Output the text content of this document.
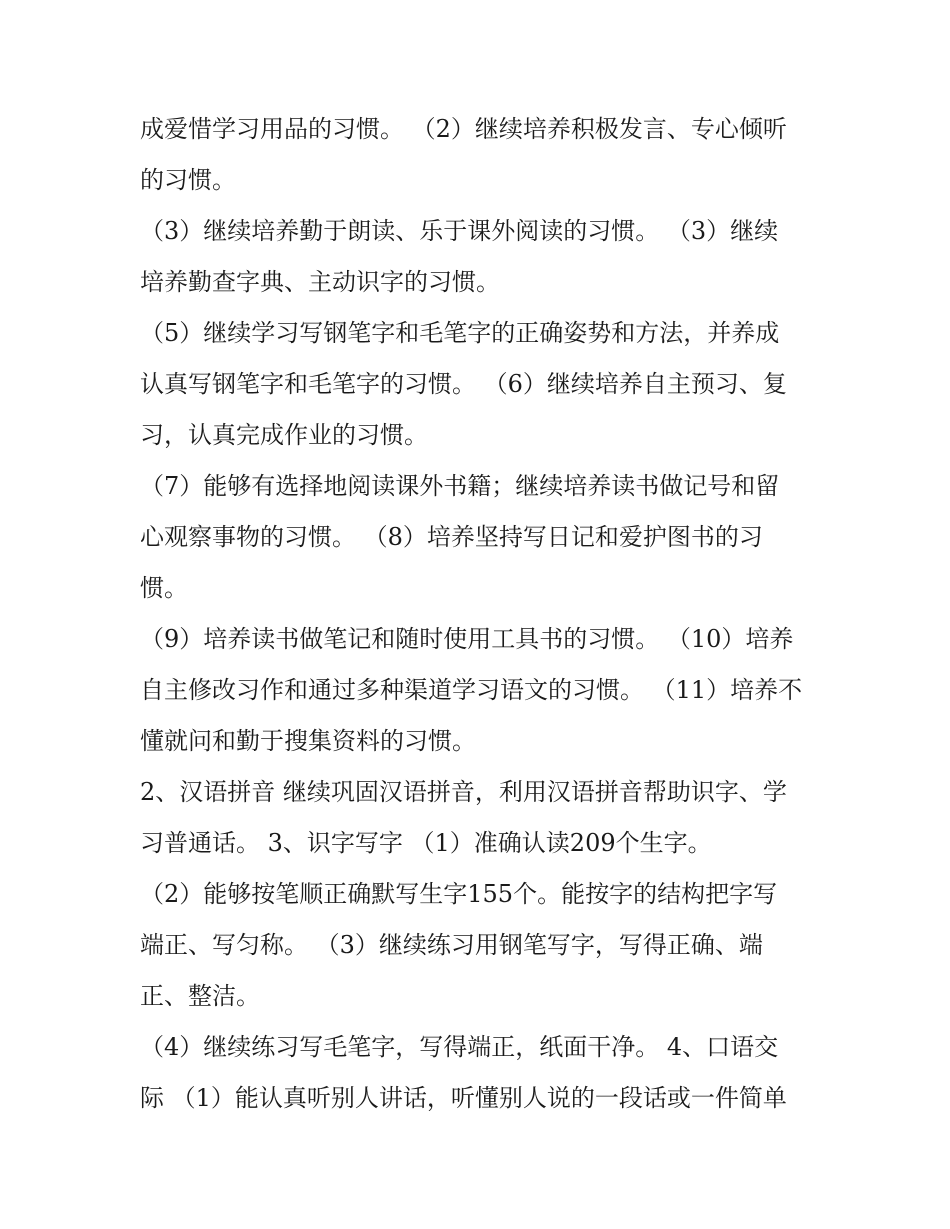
成爱惜学习用品的习惯。 （2）继续培养积极发言、专心倾听
的习惯。
（3）继续培养勤于朗读、乐于课外阅读的习惯。 （3）继续
培养勤查字典、主动识字的习惯。
（5）继续学习写钢笔字和毛笔字的正确姿势和方法，并养成
认真写钢笔字和毛笔字的习惯。 （6）继续培养自主预习、复
习，认真完成作业的习惯。
（7）能够有选择地阅读课外书籍；继续培养读书做记号和留
心观察事物的习惯。 （8）培养坚持写日记和爱护图书的习
惯。
（9）培养读书做笔记和随时使用工具书的习惯。 （10）培养
自主修改习作和通过多种渠道学习语文的习惯。 （11）培养不
懂就问和勤于搜集资料的习惯。
2、汉语拼音 继续巩固汉语拼音，利用汉语拼音帮助识字、学
习普通话。 3、识字写字 （1）准确认读209个生字。
（2）能够按笔顺正确默写生字155个。能按字的结构把字写
端正、写匀称。 （3）继续练习用钢笔写字，写得正确、端
正、整洁。
（4）继续练习写毛笔字，写得端正，纸面干净。 4、口语交
际 （1）能认真听别人讲话，听懂别人说的一段话或一件简单
